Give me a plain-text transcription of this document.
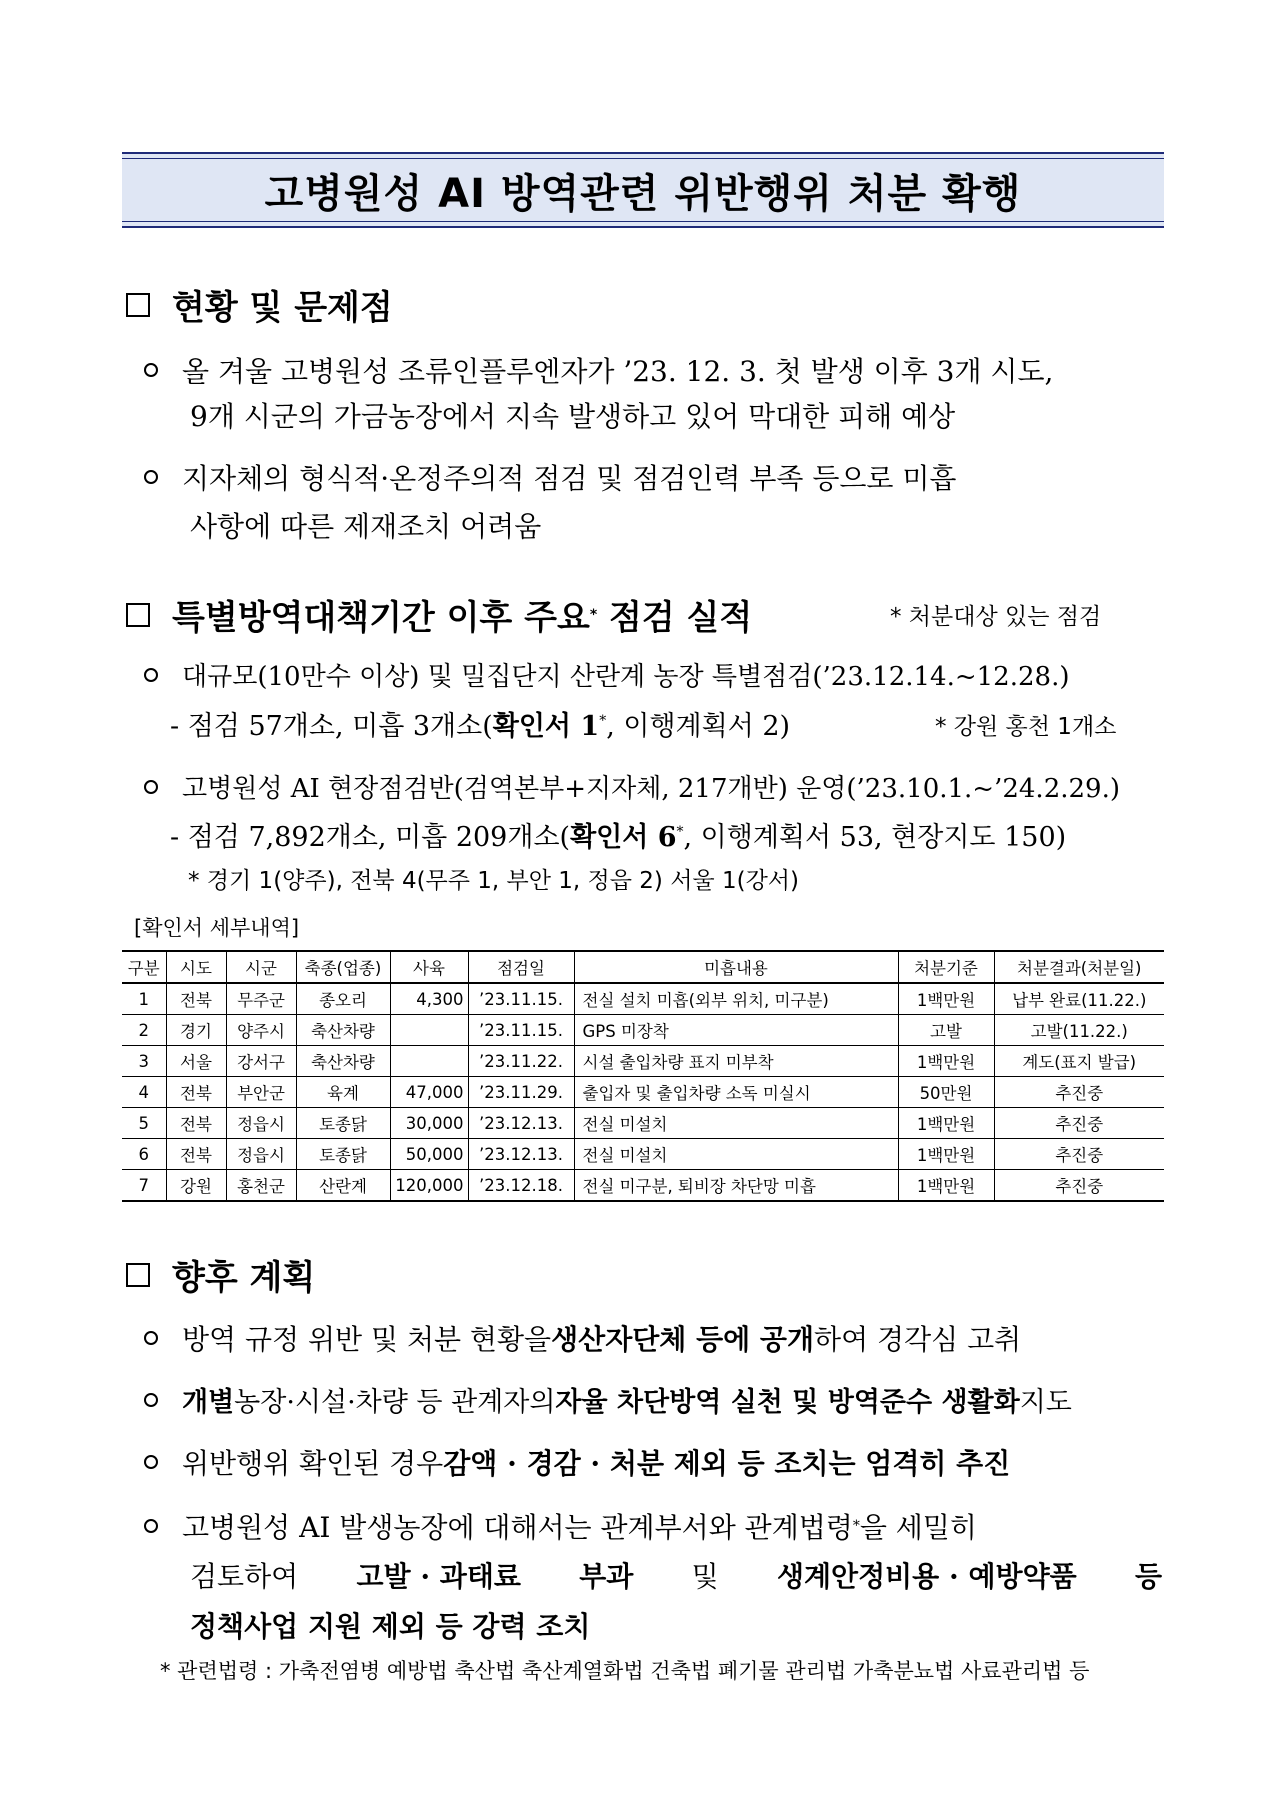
고병원성 AI 방역관련 위반행위 처분 확행
현황 및 문제점
올 겨울 고병원성 조류인플루엔자가 ’23. 12. 3. 첫 발생 이후 3개 시도,
9개 시군의 가금농장에서 지속 발생하고 있어 막대한 피해 예상
지자체의 형식적·온정주의적 점검 및 점검인력 부족 등으로 미흡
사항에 따른 제재조치 어려움
특별방역대책기간 이후 주요 *
점검 실적	* 처분대상 있는 점검
대규모(10만수 이상) 및 밀집단지 산란계 농장 특별점검(’23.12.14.~12.28.)
- 점검 57개소, 미흡 3개소(확인서 1*, 이행계획서 2)	* 강원 홍천 1개소
고병원성 AI 현장점검반(검역본부+지자체, 217개반) 운영(’23.10.1.~’24.2.29.)
- 점검 7,892개소, 미흡 209개소(확인서 6*, 이행계획서 53, 현장지도 150)
* 경기 1(양주), 전북 4(무주 1, 부안 1, 정읍 2) 서울 1(강서)
[확인서 세부내역]
구분	시도	시군	축종(업종)	사육	점검일	미흡내용	처분기준	처분결과(처분일)
1	전북	무주군	종오리	4,300	’23.11.15.	전실 설치 미흡(외부 위치, 미구분)	1백만원	납부 완료(11.22.)
2	경기	양주시	축산차량		’23.11.15.	GPS 미장착	고발	고발(11.22.)
3	서울	강서구	축산차량		’23.11.22.	시설 출입차량 표지 미부착	1백만원	계도(표지 발급)
4	전북	부안군	육계	47,000	’23.11.29.	출입자 및 출입차량 소독 미실시	50만원	추진중
5	전북	정읍시	토종닭	30,000	’23.12.13.	전실 미설치	1백만원	추진중
6	전북	정읍시	토종닭	50,000	’23.12.13.	전실 미설치	1백만원	추진중
7	강원	홍천군	산란계	120,000	’23.12.18.	전실 미구분, 퇴비장 차단망 미흡	1백만원	추진중
향후 계획
방역 규정 위반 및 처분 현황을 생산자단체 등에 공개 하여 경각심 고취
개별 농장·시설·차량 등 관계자의 자율 차단방역 실천 및 방역준수 생활화 지도
위반행위 확인된 경우 감액 · 경감 · 처분 제외 등 조치는 엄격히 추진
고병원성 AI 발생농장에 대해서는 관계부서와 관계법령 * 을 세밀히
검토하여 고발 · 과태료 부과 및 생계안정비용 · 예방약품 등
정책사업 지원 제외 등 강력 조치
* 관련법령 : 가축전염병 예방법 축산법 축산계열화법 건축법 폐기물 관리법 가축분뇨법 사료관리법 등
